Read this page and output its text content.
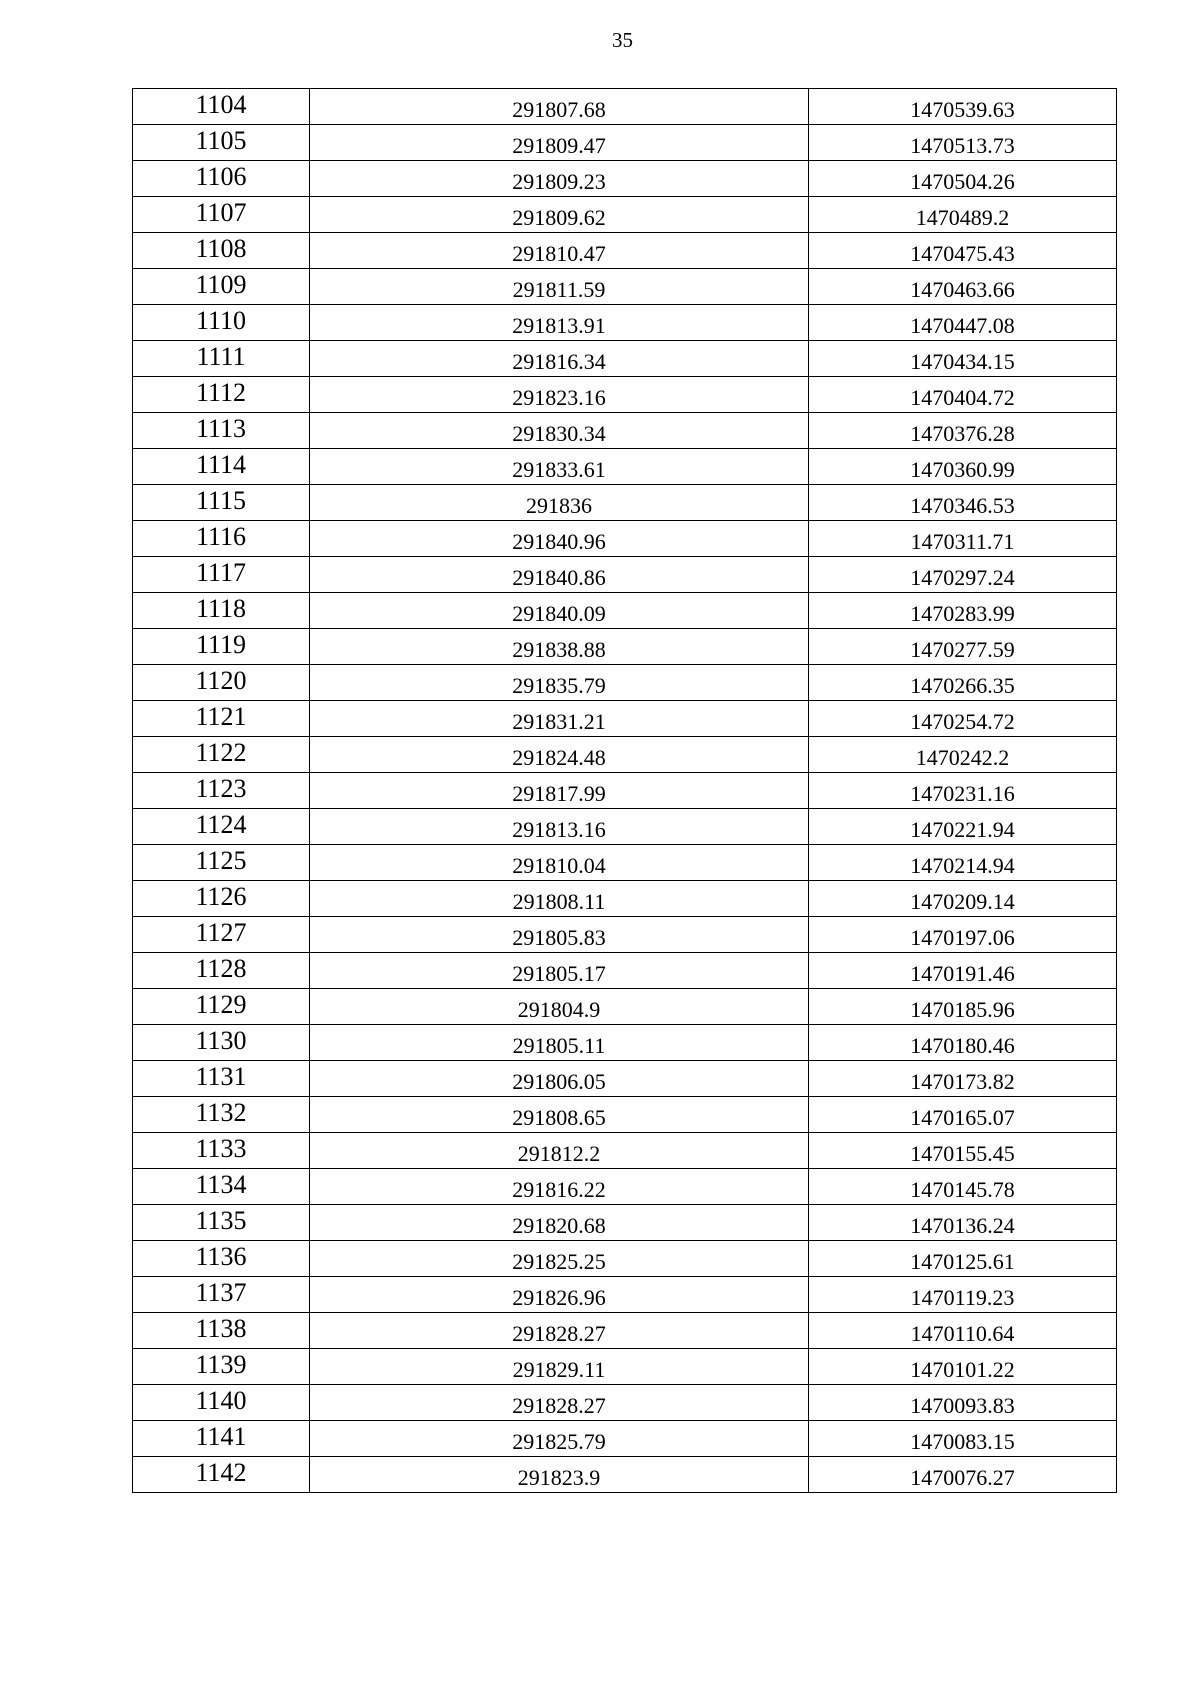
35
1104	291807.68	1470539.63
1105	291809.47	1470513.73
1106	291809.23	1470504.26
1107	291809.62	1470489.2
1108	291810.47	1470475.43
1109	291811.59	1470463.66
1110	291813.91	1470447.08
1111	291816.34	1470434.15
1112	291823.16	1470404.72
1113	291830.34	1470376.28
1114	291833.61	1470360.99
1115	291836	1470346.53
1116	291840.96	1470311.71
1117	291840.86	1470297.24
1118	291840.09	1470283.99
1119	291838.88	1470277.59
1120	291835.79	1470266.35
1121	291831.21	1470254.72
1122	291824.48	1470242.2
1123	291817.99	1470231.16
1124	291813.16	1470221.94
1125	291810.04	1470214.94
1126	291808.11	1470209.14
1127	291805.83	1470197.06
1128	291805.17	1470191.46
1129	291804.9	1470185.96
1130	291805.11	1470180.46
1131	291806.05	1470173.82
1132	291808.65	1470165.07
1133	291812.2	1470155.45
1134	291816.22	1470145.78
1135	291820.68	1470136.24
1136	291825.25	1470125.61
1137	291826.96	1470119.23
1138	291828.27	1470110.64
1139	291829.11	1470101.22
1140	291828.27	1470093.83
1141	291825.79	1470083.15
1142	291823.9	1470076.27
